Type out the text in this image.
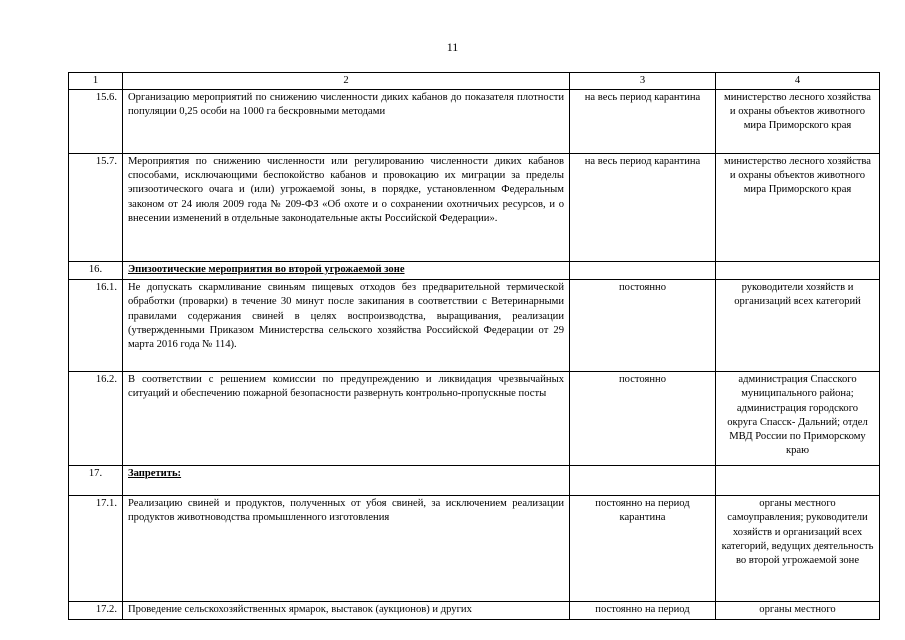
11
1	2	3	4
15.6.	Организацию мероприятий по снижению численности диких кабанов до показателя плотности популяции 0,25 особи на 1000 га бескровными методами	на весь период карантина	министерство лесного хозяйства и охраны объектов животного мира Приморского края
15.7.	Мероприятия по снижению численности или регулированию численности диких кабанов способами, исключающими беспокойство кабанов и провокацию их миграции за пределы эпизоотического очага и (или) угрожаемой зоны, в порядке, установленном Федеральным законом от 24 июля 2009 года № 209-ФЗ «Об охоте и о сохранении охотничьих ресурсов, и о внесении изменений в отдельные законодательные акты Российской Федерации».	на весь период карантина	министерство лесного хозяйства и охраны объектов животного мира Приморского края
16.	Эпизоотические мероприятия во второй угрожаемой зоне		
16.1.	Не допускать скармливание свиньям пищевых отходов без предварительной термической обработки (проварки) в течение 30 минут после закипания в соответствии с Ветеринарными правилами содержания свиней в целях воспроизводства, выращивания, реализации (утвержденными Приказом Министерства сельского хозяйства Российской Федерации от 29 марта 2016 года № 114).	постоянно	руководители хозяйств и организаций всех категорий
16.2.	В соответствии с решением комиссии по предупреждению и ликвидация чрезвычайных ситуаций и обеспечению пожарной безопасности развернуть контрольно-пропускные посты	постоянно	администрация Спасского муниципального района; администрация городского округа Спасск- Дальний; отдел МВД России по Приморскому краю
17.	Запретить:		
17.1.	Реализацию свиней и продуктов, полученных от убоя свиней, за исключением реализации продуктов животноводства промышленного изготовления	постоянно на период карантина	органы местного самоуправления; руководители хозяйств и организаций всех категорий, ведущих деятельность во второй угрожаемой зоне
17.2.	Проведение сельскохозяйственных ярмарок, выставок (аукционов) и других	постоянно на период	органы местного
